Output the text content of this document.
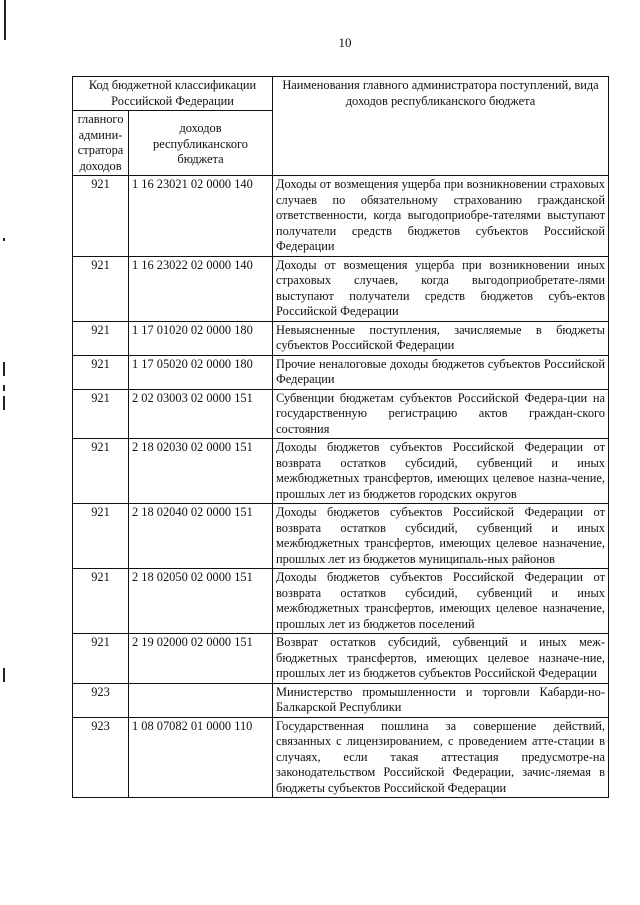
10
Код бюджетной классификации Российской Федерации		Наименования главного администратора поступлений, вида доходов республиканского бюджета
главного админи-стратора доходов	доходов республиканского бюджета	
921	1 16 23021 02 0000 140	Доходы от возмещения ущерба при возникновении страховых случаев по обязательному страхованию гражданской ответственности, когда выгодоприобре-тателями выступают получатели средств бюджетов субъектов Российской Федерации
921	1 16 23022 02 0000 140	Доходы от возмещения ущерба при возникновении иных страховых случаев, когда выгодоприобретате-лями выступают получатели средств бюджетов субъ-ектов Российской Федерации
921	1 17 01020 02 0000 180	Невыясненные поступления, зачисляемые в бюджеты субъектов Российской Федерации
921	1 17 05020 02 0000 180	Прочие неналоговые доходы бюджетов субъектов Российской Федерации
921	2 02 03003 02 0000 151	Субвенции бюджетам субъектов Российской Федера-ции на государственную регистрацию актов граждан-ского состояния
921	2 18 02030 02 0000 151	Доходы бюджетов субъектов Российской Федерации от возврата остатков субсидий, субвенций и иных межбюджетных трансфертов, имеющих целевое назна-чение, прошлых лет из бюджетов городских округов
921	2 18 02040 02 0000 151	Доходы бюджетов субъектов Российской Федерации от возврата остатков субсидий, субвенций и иных межбюджетных трансфертов, имеющих целевое назначение, прошлых лет из бюджетов муниципаль-ных районов
921	2 18 02050 02 0000 151	Доходы бюджетов субъектов Российской Федерации от возврата остатков субсидий, субвенций и иных межбюджетных трансфертов, имеющих целевое назначение, прошлых лет из бюджетов поселений
921	2 19 02000 02 0000 151	Возврат остатков субсидий, субвенций и иных меж-бюджетных трансфертов, имеющих целевое назначе-ние, прошлых лет из бюджетов субъектов Российской Федерации
923		Министерство промышленности и торговли Кабарди-но-Балкарской Республики
923	1 08 07082 01 0000 110	Государственная пошлина за совершение действий, связанных с лицензированием, с проведением атте-стации в случаях, если такая аттестация предусмотре-на законодательством Российской Федерации, зачис-ляемая в бюджеты субъектов Российской Федерации
